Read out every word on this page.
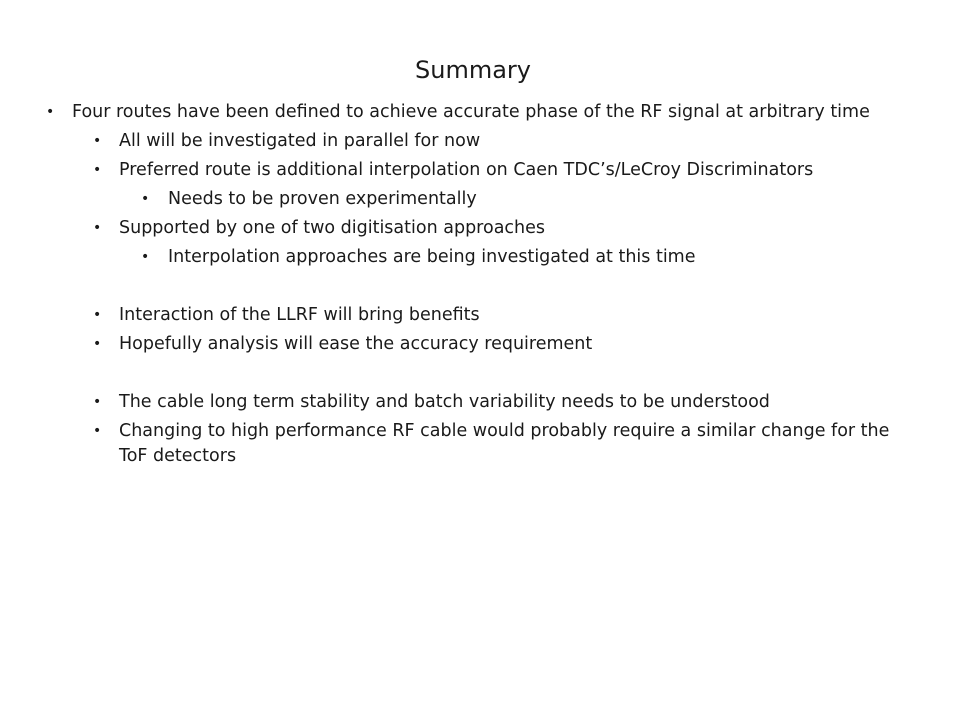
Summary
• Four routes have been defined to achieve accurate phase of the RF signal at arbitrary time
• All will be investigated in parallel for now
• Preferred route is additional interpolation on Caen TDC’s/LeCroy Discriminators
• Needs to be proven experimentally
• Supported by one of two digitisation approaches
• Interpolation approaches are being investigated at this time
• Interaction of the LLRF will bring benefits
• Hopefully analysis will ease the accuracy requirement
• The cable long term stability and batch variability needs to be understood
• Changing to high performance RF cable would probably require a similar change for the ToF detectors
